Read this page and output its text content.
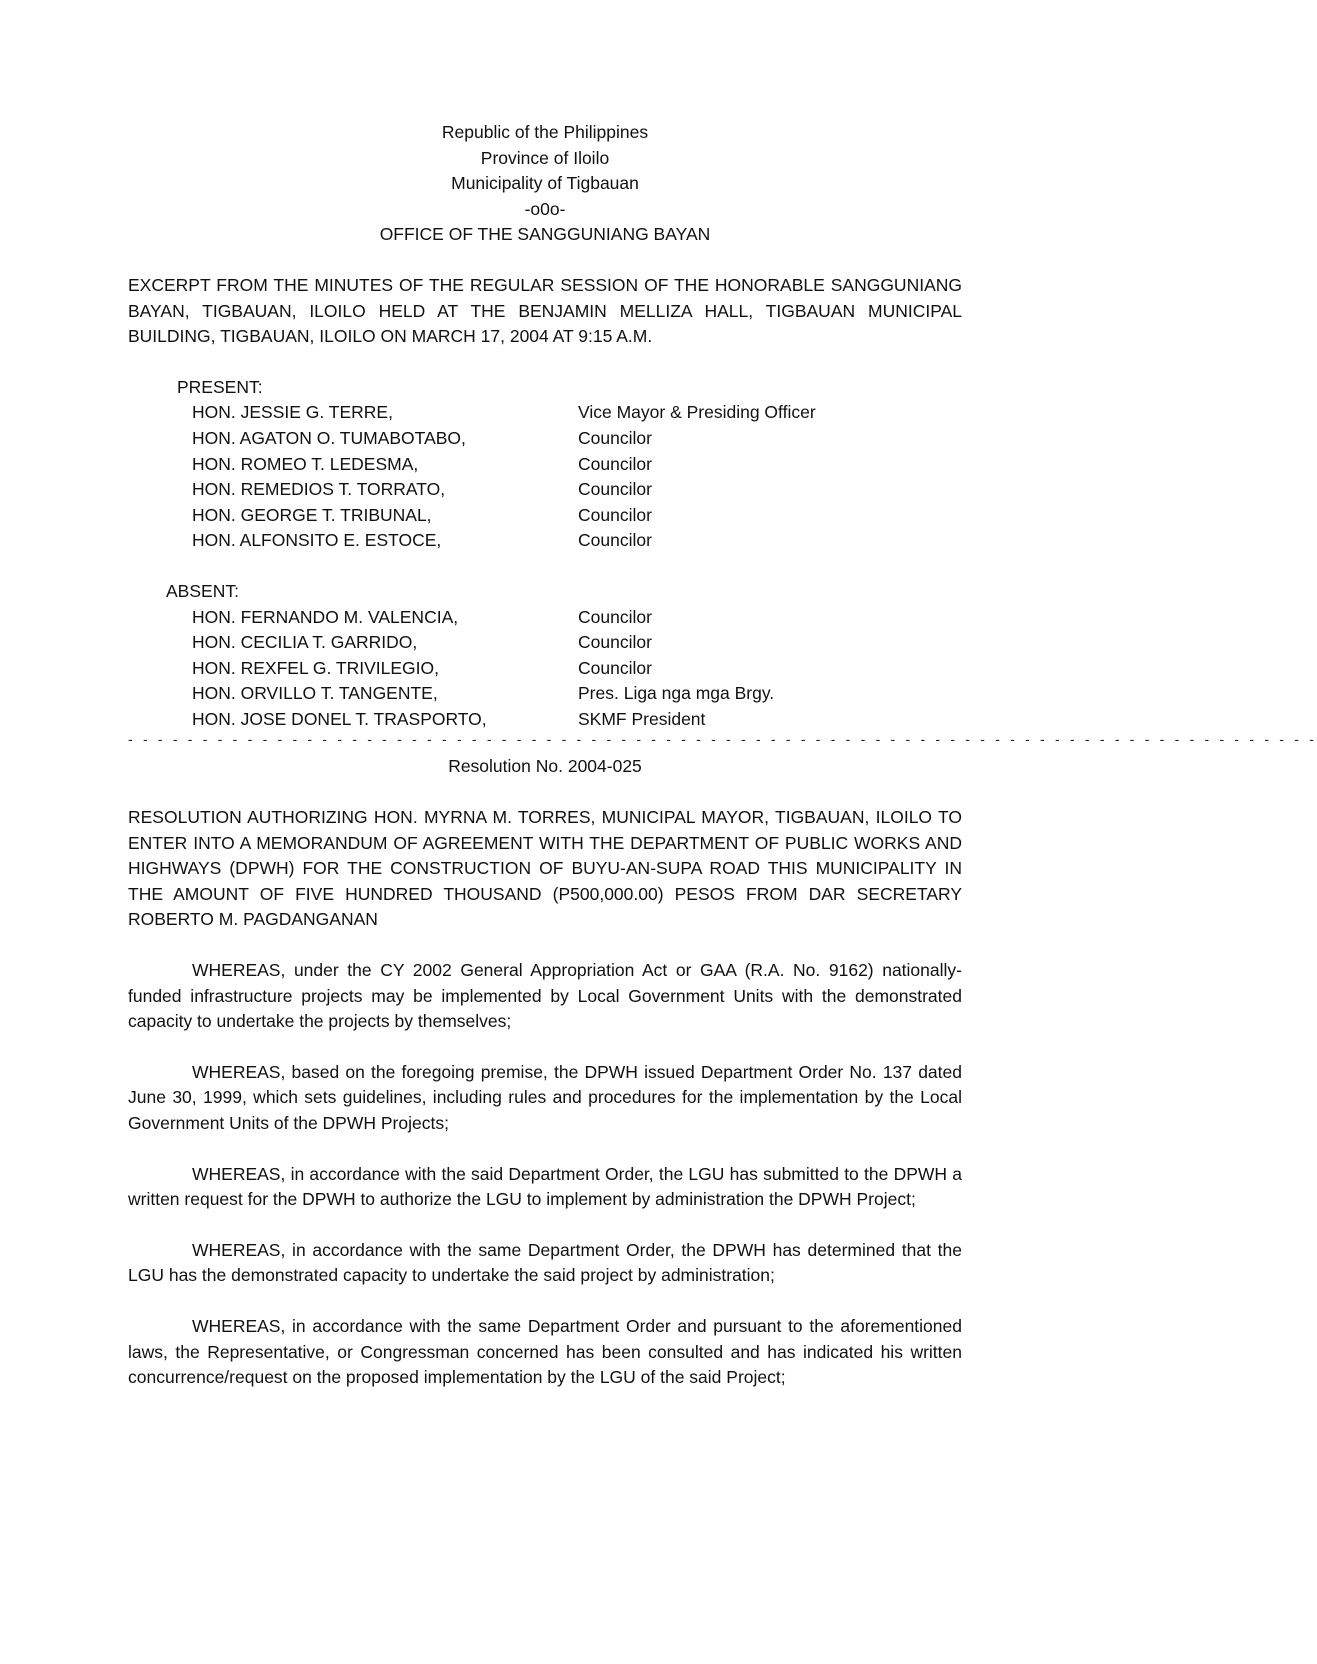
Republic of the Philippines
Province of Iloilo
Municipality of Tigbauan
-o0o-
OFFICE OF THE SANGGUNIANG BAYAN
EXCERPT FROM THE MINUTES OF THE REGULAR SESSION OF THE HONORABLE SANGGUNIANG BAYAN, TIGBAUAN, ILOILO HELD AT THE BENJAMIN MELLIZA HALL, TIGBAUAN MUNICIPAL BUILDING, TIGBAUAN, ILOILO ON MARCH 17, 2004 AT 9:15 A.M.
PRESENT:
HON. JESSIE G. TERRE,	Vice Mayor & Presiding Officer
HON. AGATON O. TUMABOTABO,	Councilor
HON. ROMEO T. LEDESMA,	Councilor
HON. REMEDIOS T. TORRATO,	Councilor
HON. GEORGE T. TRIBUNAL,	Councilor
HON. ALFONSITO E. ESTOCE,	Councilor
ABSENT:
HON. FERNANDO M. VALENCIA,	Councilor
HON. CECILIA T. GARRIDO,	Councilor
HON. REXFEL G. TRIVILEGIO,	Councilor
HON. ORVILLO T. TANGENTE,	Pres. Liga nga mga Brgy.
HON. JOSE DONEL T. TRASPORTO,	SKMF President
- - - - - - - - - - - - - - - - - - - - - - - - - - - - - - - - - - - - - - - - - - - - - - - - - - - - - - - - - - - - - - - - - - - - - - - - - - - - - - - -
Resolution No. 2004-025
RESOLUTION AUTHORIZING HON. MYRNA M. TORRES, MUNICIPAL MAYOR, TIGBAUAN, ILOILO TO ENTER INTO A MEMORANDUM OF AGREEMENT WITH THE DEPARTMENT OF PUBLIC WORKS AND HIGHWAYS (DPWH) FOR THE CONSTRUCTION OF BUYU-AN-SUPA ROAD THIS MUNICIPALITY IN THE AMOUNT OF FIVE HUNDRED THOUSAND (P500,000.00) PESOS FROM DAR SECRETARY ROBERTO M. PAGDANGANAN
WHEREAS, under the CY 2002 General Appropriation Act or GAA (R.A. No. 9162) nationally-funded infrastructure projects may be implemented by Local Government Units with the demonstrated capacity to undertake the projects by themselves;
WHEREAS, based on the foregoing premise, the DPWH issued Department Order No. 137 dated June 30, 1999, which sets guidelines, including rules and procedures for the implementation by the Local Government Units of the DPWH Projects;
WHEREAS, in accordance with the said Department Order, the LGU has submitted to the DPWH a written request for the DPWH to authorize the LGU to implement by administration the DPWH Project;
WHEREAS, in accordance with the same Department Order, the DPWH has determined that the LGU has the demonstrated capacity to undertake the said project by administration;
WHEREAS, in accordance with the same Department Order and pursuant to the aforementioned laws, the Representative, or Congressman concerned has been consulted and has indicated his written concurrence/request on the proposed implementation by the LGU of the said Project;
